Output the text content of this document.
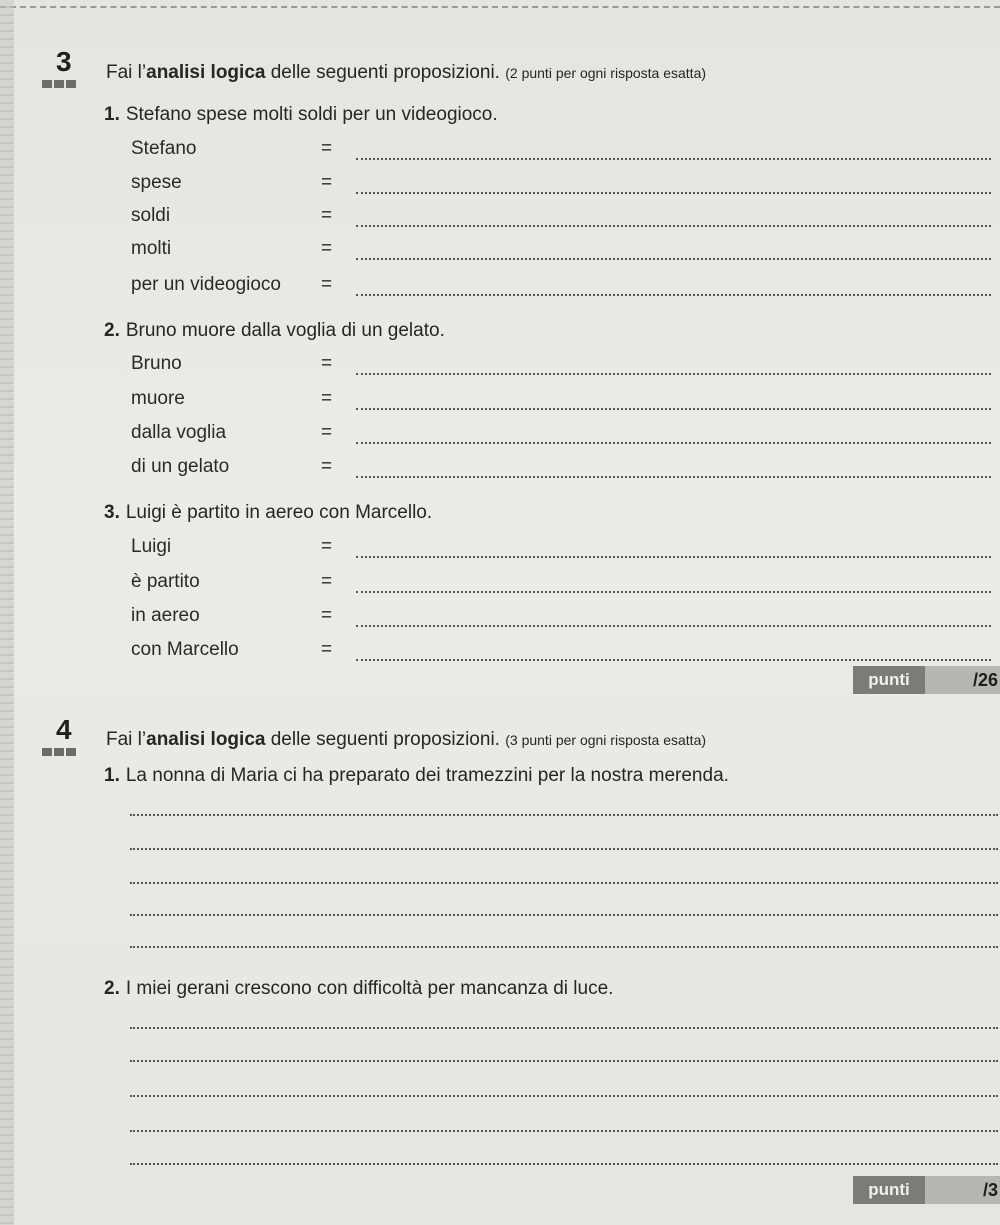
3 Fai l’analisi logica delle seguenti proposizioni. (2 punti per ogni risposta esatta)
1. Stefano spese molti soldi per un videogioco.
Stefano	=
spese	=
soldi	=
molti	=
per un videogioco =
2. Bruno muore dalla voglia di un gelato.
Bruno	=
muore	=
dalla voglia	=
di un gelato	=
3. Luigi è partito in aereo con Marcello.
Luigi	=
è partito	=
in aereo	=
con Marcello	=
punti	/26
4 Fai l’analisi logica delle seguenti proposizioni. (3 punti per ogni risposta esatta)
1. La nonna di Maria ci ha preparato dei tramezzini per la nostra merenda.
2. I miei gerani crescono con difficoltà per mancanza di luce.
punti	/3
